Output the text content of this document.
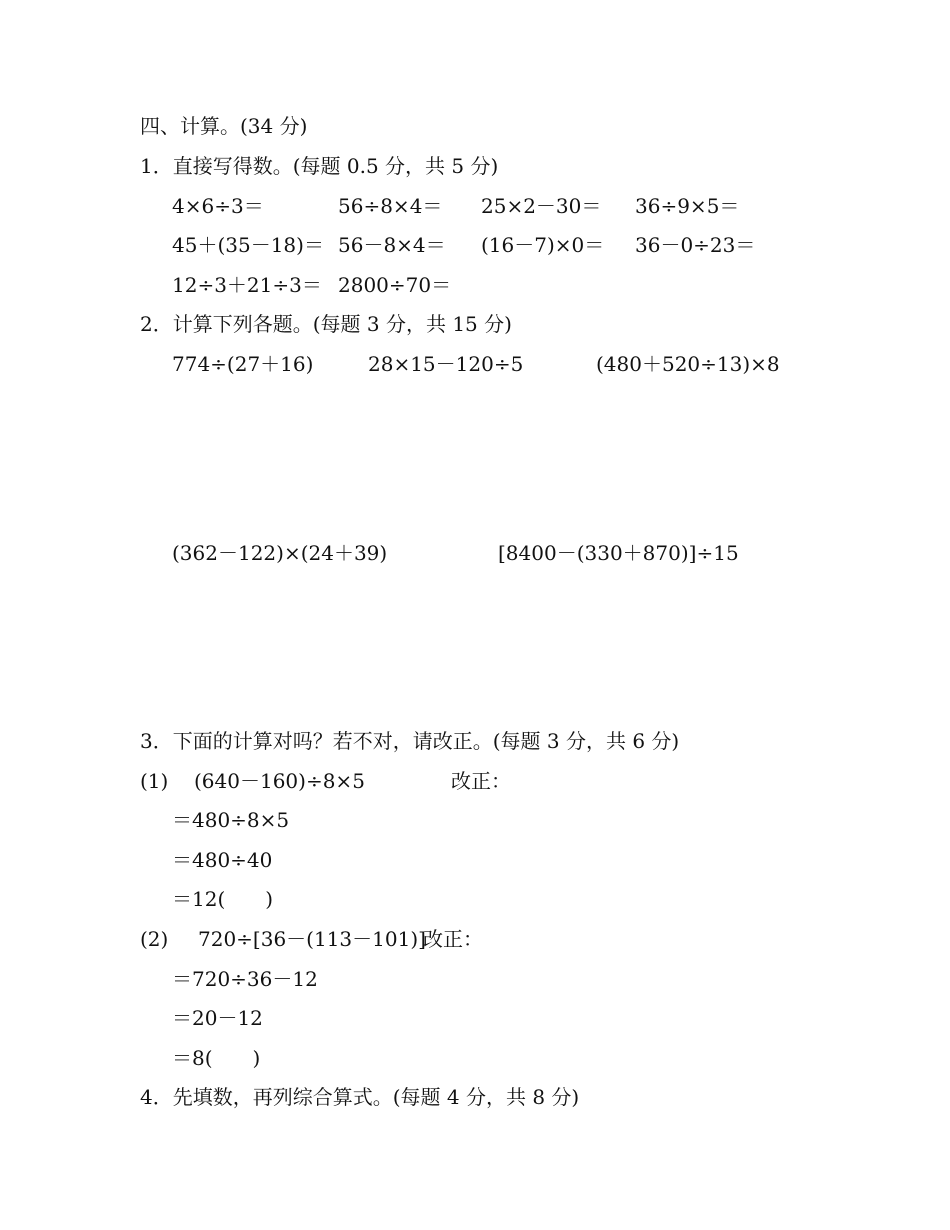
四、计算。(34 分)
1．直接写得数。(每题 0.5 分，共 5 分)
4×6÷3＝	56÷8×4＝ 25×2－30＝ 36÷9×5＝
45＋(35－18)＝ 56－8×4＝ (16－7)×0＝ 36－0÷23＝
12÷3＋21÷3＝ 2800÷70＝
2．计算下列各题。(每题 3 分，共 15 分)
774÷(27＋16)	28×15－120÷5	(480＋520÷13)×8
(362－122)×(24＋39)	[8400－(330＋870)]÷15
3．下面的计算对吗？若不对，请改正。(每题 3 分，共 6 分)
(1) (640－160)÷8×5	改正：
＝480÷8×5
＝480÷40
＝12(　　)
(2) 720÷[36－(113－101)]
改正：
＝720÷36－12
＝20－12
＝8(　　)
4．先填数，再列综合算式。(每题 4 分，共 8 分)
